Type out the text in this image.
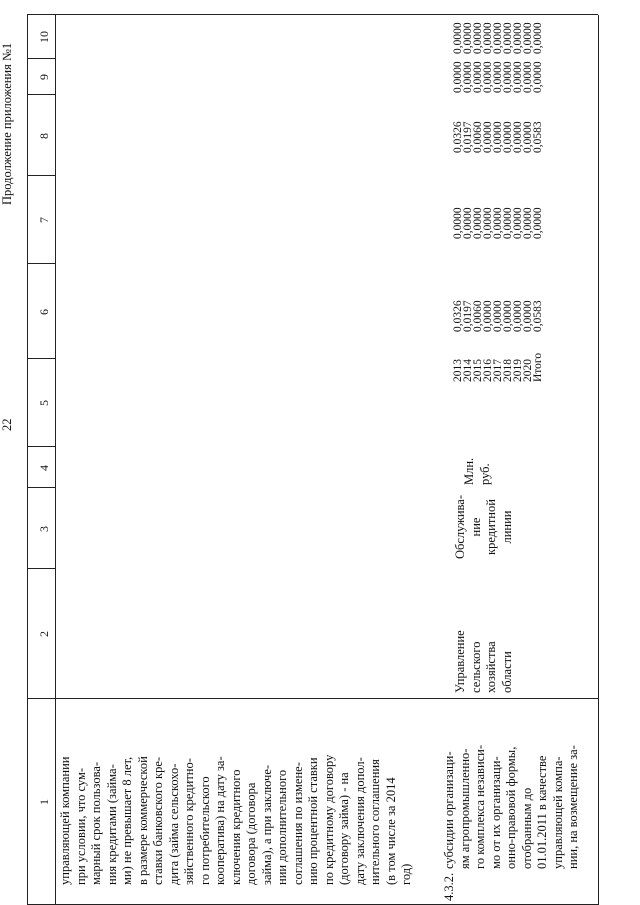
22
Продолжение приложения №1
1
2
3
4
5
6
7
8
9
10
управляющей компании при условии, что сум- марный срок пользова- ния кредитами (займа- ми) не превышает 8 лет, в размере коммерческой ставки банковского кре- дита (займа сельскохо- зяйственного кредитно- го потребительского кооператива) на дату за- ключения кредитного договора (договора займа), а при заключе- нии дополнительного соглашения по измене- нию процентной ставки по кредитному договору (договору займа) - на дату заключения допол- нительного соглашения (в том числе за 2014 год) 4.3.2.
субсидии организаци- ям агропромышленно- го комплекса независи- мо от их организаци- онно-правовой формы, отобранным до 01.01.2011 в качестве управляющей компа- нии, на возмещение за-
Управление сельского хозяйства области
Обслужива- ние кредитной линии
Млн. руб.
2013
2014
2015
2016
2017
2018
2019
2020
Итого
0,0326
0,0197
0,0060
0,0000
0,0000
0,0000
0,0000
0,0000
0,0583
0,0000
0,0000
0,0000
0,0000
0,0000
0,0000
0,0000
0,0000
0,0000
0,0326
0,0197
0,0060
0,0000
0,0000
0,0000
0,0000
0,0000
0,0583
0,0000
0,0000
0,0000
0,0000
0,0000
0,0000
0,0000
0,0000
0,0000
0,0000
0,0000
0,0000
0,0000
0,0000
0,0000
0,0000
0,0000
0,0000
